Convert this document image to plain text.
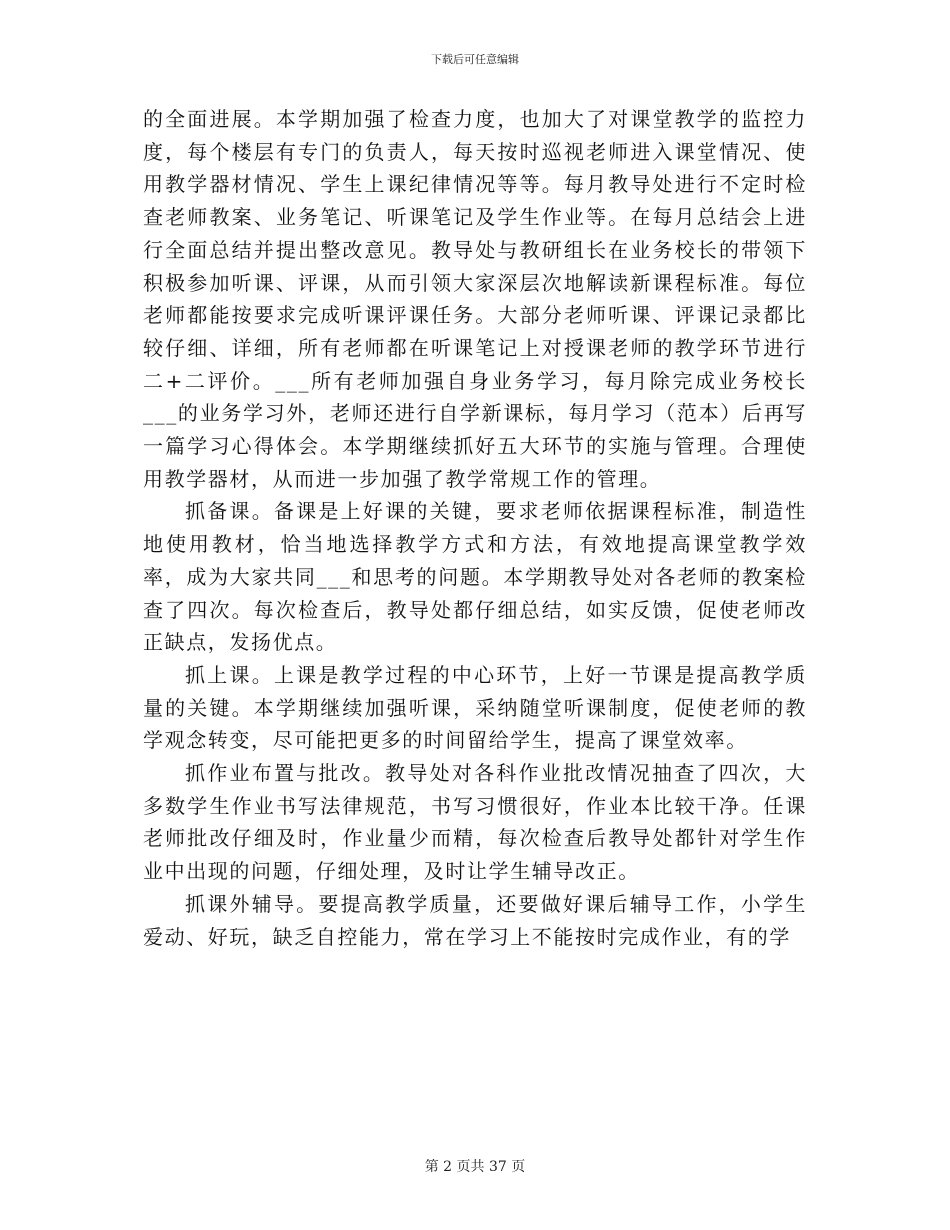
下载后可任意编辑

的全面进展。本学期加强了检查力度，也加大了对课堂教学的监控力度，每个楼层有专门的负责人，每天按时巡视老师进入课堂情况、使用教学器材情况、学生上课纪律情况等等。每月教导处进行不定时检查老师教案、业务笔记、听课笔记及学生作业等。在每月总结会上进行全面总结并提出整改意见。教导处与教研组长在业务校长的带领下积极参加听课、评课，从而引领大家深层次地解读新课程标准。每位老师都能按要求完成听课评课任务。大部分老师听课、评课记录都比较仔细、详细，所有老师都在听课笔记上对授课老师的教学环节进行二+二评价。___所有老师加强自身业务学习，每月除完成业务校长___的业务学习外，老师还进行自学新课标，每月学习（范本）后再写一篇学习心得体会。本学期继续抓好五大环节的实施与管理。合理使用教学器材，从而进一步加强了教学常规工作的管理。

抓备课。备课是上好课的关键，要求老师依据课程标准，制造性地使用教材，恰当地选择教学方式和方法，有效地提高课堂教学效率，成为大家共同___和思考的问题。本学期教导处对各老师的教案检查了四次。每次检查后，教导处都仔细总结，如实反馈，促使老师改正缺点，发扬优点。

抓上课。上课是教学过程的中心环节，上好一节课是提高教学质量的关键。本学期继续加强听课，采纳随堂听课制度，促使老师的教学观念转变，尽可能把更多的时间留给学生，提高了课堂效率。

抓作业布置与批改。教导处对各科作业批改情况抽查了四次，大多数学生作业书写法律规范，书写习惯很好，作业本比较干净。任课老师批改仔细及时，作业量少而精，每次检查后教导处都针对学生作业中出现的问题，仔细处理，及时让学生辅导改正。

抓课外辅导。要提高教学质量，还要做好课后辅导工作，小学生爱动、好玩，缺乏自控能力，常在学习上不能按时完成作业，有的学

第 2 页共 37 页
